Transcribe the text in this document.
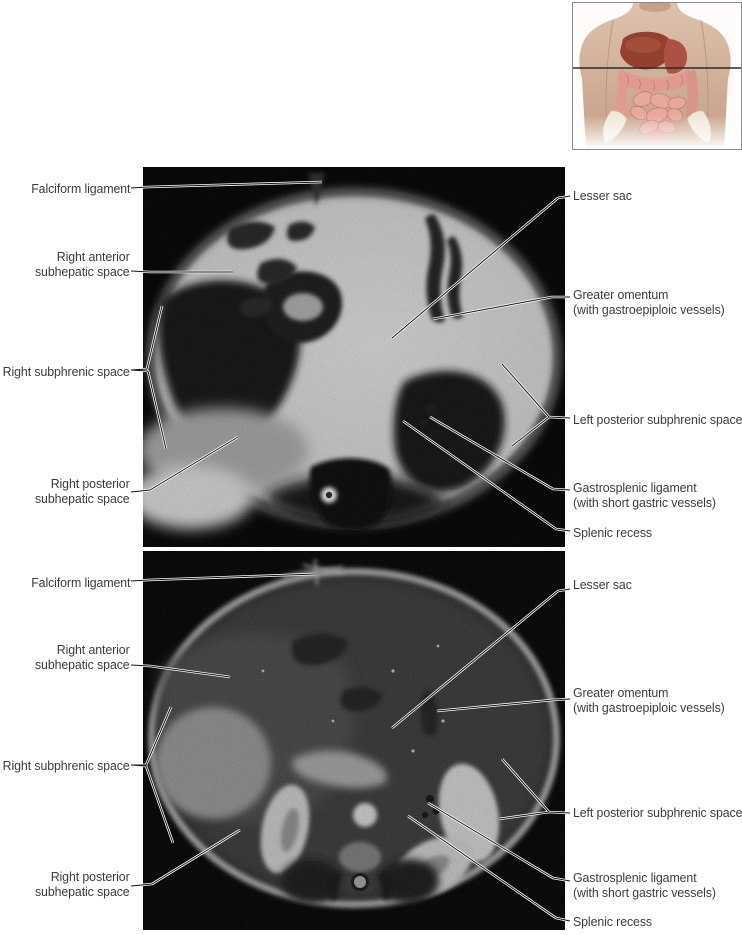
Falciform ligament
Right anterior
subhepatic space
Right subphrenic space
Right posterior
subhepatic space
Lesser sac
Greater omentum
(with gastroepiploic vessels)
Left posterior subphrenic space
Gastrosplenic ligament
(with short gastric vessels)
Splenic recess
Falciform ligament
Right anterior
subhepatic space
Right subphrenic space
Right posterior
subhepatic space
Lesser sac
Greater omentum
(with gastroepiploic vessels)
Left posterior subphrenic space
Gastrosplenic ligament
(with short gastric vessels)
Splenic recess
